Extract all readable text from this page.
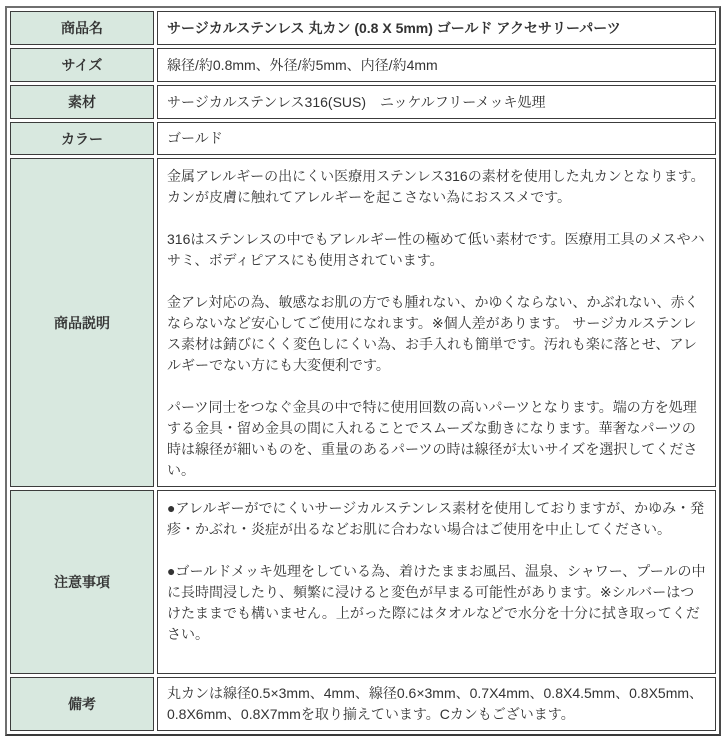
商品名	サージカルステンレス 丸カン (0.8 X 5mm) ゴールド アクセサリーパーツ
サイズ	線径/約0.8mm、外径/約5mm、内径/約4mm
素材	サージカルステンレス316(SUS)　ニッケルフリーメッキ処理
カラー	ゴールド
商品説明	金属アレルギーの出にくい医療用ステンレス316の素材を使用した丸カンとなります。カンが皮膚に触れてアレルギーを起こさない為におススメです。

316はステンレスの中でもアレルギー性の極めて低い素材です。医療用工具のメスやハサミ、ボディピアスにも使用されています。

金アレ対応の為、敏感なお肌の方でも腫れない、かゆくならない、かぶれない、赤くならないなど安心してご使用になれます。※個人差があります。 サージカルステンレス素材は錆びにくく変色しにくい為、お手入れも簡単です。汚れも楽に落とせ、アレルギーでない方にも大変便利です。

パーツ同士をつなぐ金具の中で特に使用回数の高いパーツとなります。端の方を処理する金具・留め金具の間に入れることでスムーズな動きになります。華奢なパーツの時は線径が細いものを、重量のあるパーツの時は線径が太いサイズを選択してください。

注意事項	●アレルギーがでにくいサージカルステンレス素材を使用しておりますが、かゆみ・発疹・かぶれ・炎症が出るなどお肌に合わない場合はご使用を中止してください。

●ゴールドメッキ処理をしている為、着けたままお風呂、温泉、シャワー、プールの中に長時間浸したり、頻繁に浸けると変色が早まる可能性があります。※シルバーはつけたままでも構いません。上がった際にはタオルなどで水分を十分に拭き取ってください。

備考	丸カンは線径0.5×3mm、4mm、線径0.6×3mm、0.7X4mm、0.8X4.5mm、0.8X5mm、0.8X6mm、0.8X7mmを取り揃えています。Cカンもございます。
